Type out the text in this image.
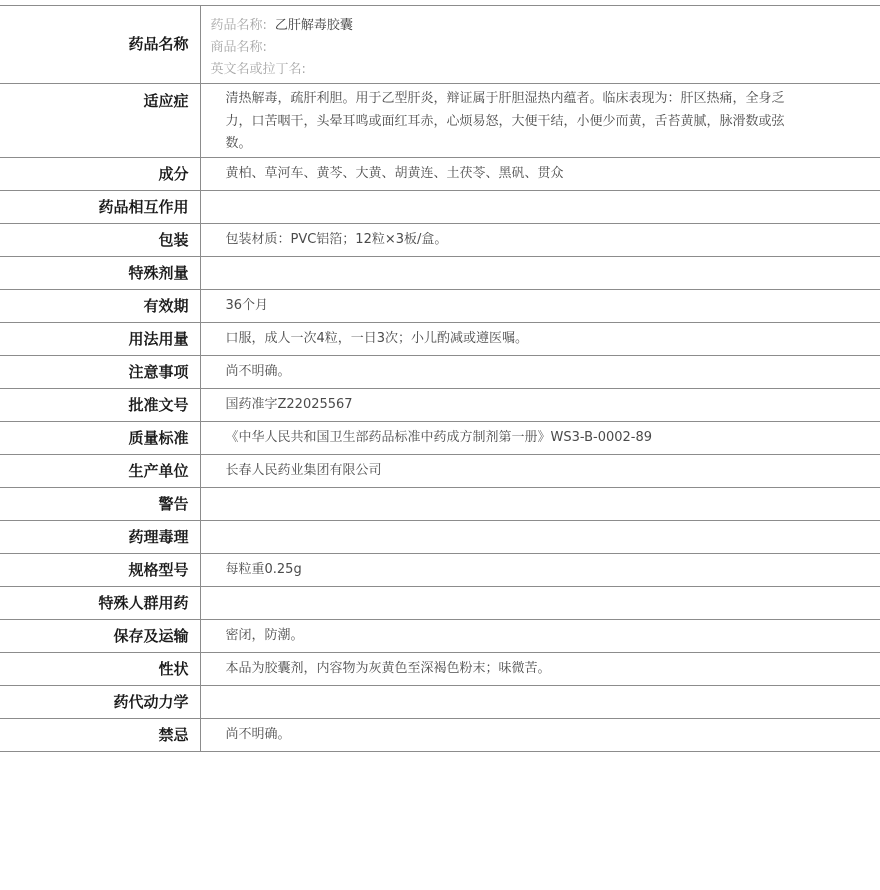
药品名称	药品名称: 乙肝解毒胶囊
商品名称:
英文名或拉丁名:

适应症	清热解毒，疏肝利胆。用于乙型肝炎，辩证属于肝胆湿热内蕴者。临床表现为：肝区热痛，全身乏力，口苦咽干，头晕耳鸣或面红耳赤，心烦易怒，大便干结，小便少而黄，舌苔黄腻，脉滑数或弦数。
成分	黄柏、草河车、黄芩、大黄、胡黄连、土茯苓、黑矾、贯众
药品相互作用	
包装	包装材质：PVC铝箔；12粒×3板/盒。
特殊剂量	
有效期	36个月
用法用量	口服，成人一次4粒，一日3次；小儿酌减或遵医嘱。
注意事项	尚不明确。
批准文号	国药准字Z22025567
质量标准	《中华人民共和国卫生部药品标准中药成方制剂第一册》WS3-B-0002-89
生产单位	长春人民药业集团有限公司
警告	
药理毒理	
规格型号	每粒重0.25g
特殊人群用药	
保存及运输	密闭，防潮。
性状	本品为胶囊剂，内容物为灰黄色至深褐色粉末；味微苦。
药代动力学	
禁忌	尚不明确。
